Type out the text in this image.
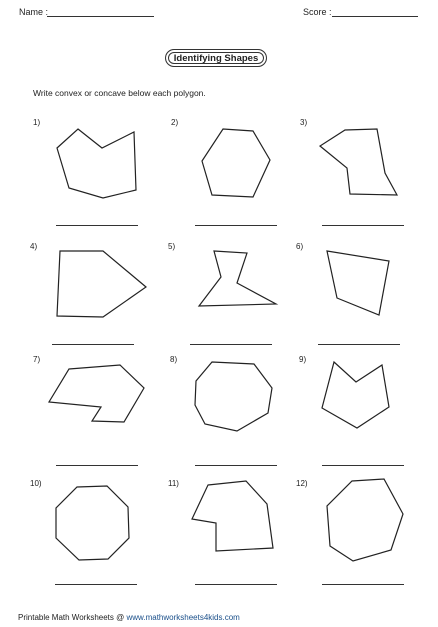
Name :	Score :
Identifying Shapes
Write convex or concave below each polygon.
1)	2)	3)
4)	5)	6)
7)	8)	9)
10)	11)	12)
Printable Math Worksheets @ www.mathworksheets4kids.com
